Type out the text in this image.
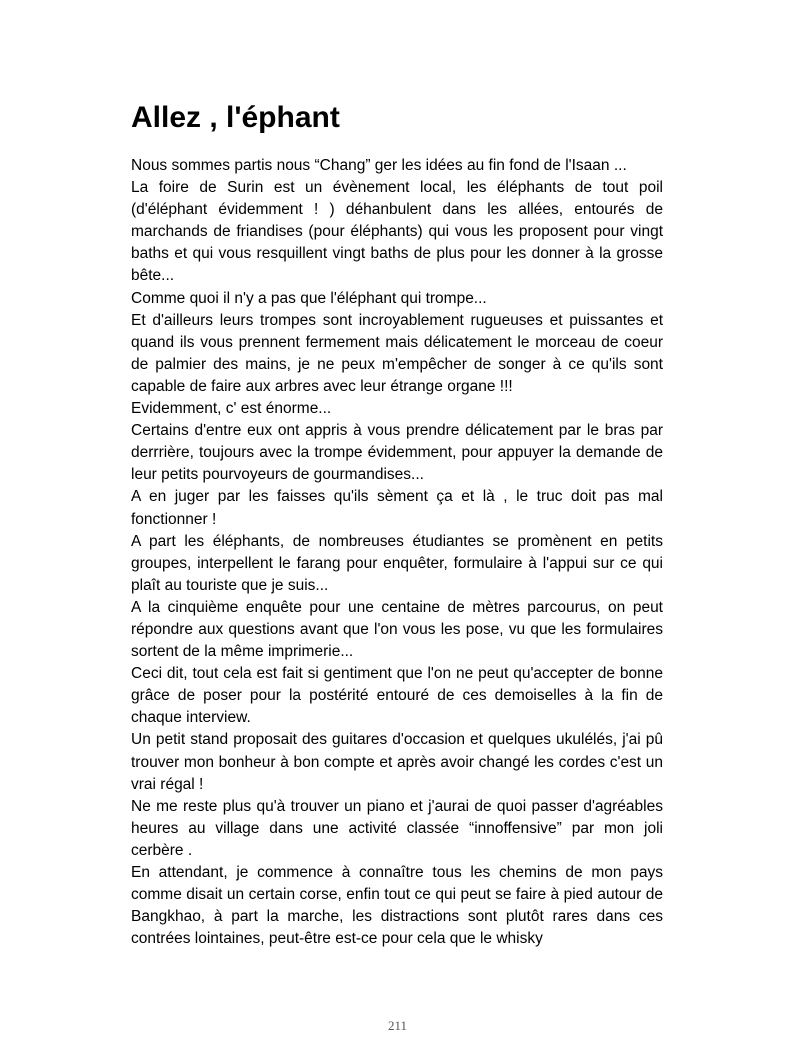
Allez , l'éphant

Nous sommes partis nous “Chang” ger les idées au fin fond de l'Isaan ...

La foire de Surin est un évènement local, les éléphants de tout poil (d'éléphant évidemment ! ) déhanbulent dans les allées, entourés de marchands de friandises (pour éléphants) qui vous les proposent pour vingt baths et qui vous resquillent vingt baths de plus pour les donner à la grosse bête...

Comme quoi il n'y a pas que l'éléphant qui trompe...

Et d'ailleurs leurs trompes sont incroyablement rugueuses et puissantes et quand ils vous prennent fermement mais délicatement le morceau de coeur de palmier des mains, je ne peux m'empêcher de songer à ce qu'ils sont capable de faire aux arbres avec leur étrange organe !!!

Evidemment, c' est énorme...

Certains d'entre eux ont appris à vous prendre délicatement par le bras par derrrière, toujours avec la trompe évidemment, pour appuyer la demande de leur petits pourvoyeurs de gourmandises...

A en juger par les faisses qu'ils sèment ça et là , le truc doit pas mal fonctionner !

A part les éléphants, de nombreuses étudiantes se promènent en petits groupes, interpellent le farang pour enquêter, formulaire à l'appui sur ce qui plaît au touriste que je suis...

A la cinquième enquête pour une centaine de mètres parcourus, on peut répondre aux questions avant que l'on vous les pose, vu que les formulaires sortent de la même imprimerie...

Ceci dit, tout cela est fait si gentiment que l'on ne peut qu'accepter de bonne grâce de poser pour la postérité entouré de ces demoiselles à la fin de chaque interview.

Un petit stand proposait des guitares d'occasion et quelques ukulélés, j'ai pû trouver mon bonheur à bon compte et après avoir changé les cordes c'est un vrai régal !

Ne me reste plus qu'à trouver un piano et j'aurai de quoi passer d'agréables heures au village dans une activité classée “innoffensive” par mon joli cerbère .

En attendant, je commence à connaître tous les chemins de mon pays comme disait un certain corse, enfin tout ce qui peut se faire à pied autour de Bangkhao, à part la marche, les distractions sont plutôt rares dans ces contrées lointaines, peut-être est-ce pour cela que le whisky

211
